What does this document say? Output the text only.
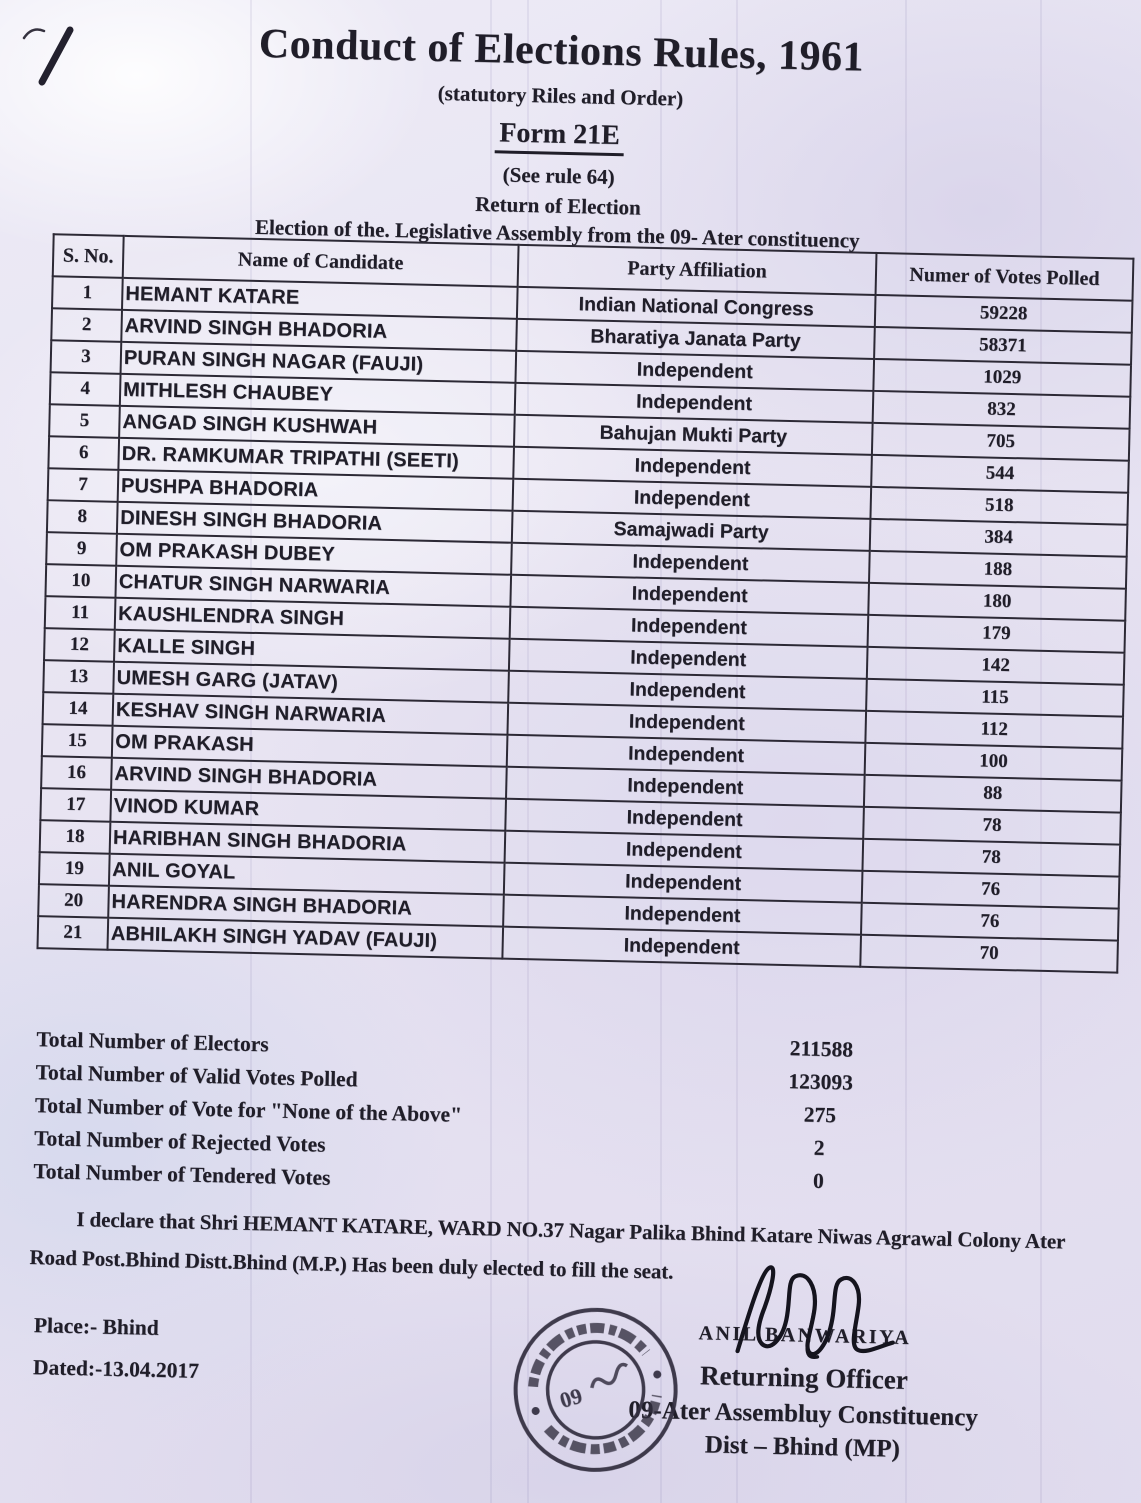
Conduct of Elections Rules, 1961

(statutory Riles and Order)

Form 21E

(See rule 64)

Return of Election

Election of the. Legislative Assembly from the 09- Ater constituency

S. No.	Name of Candidate	Party Affiliation	Numer of Votes Polled
1	HEMANT KATARE	Indian National Congress	59228
2	ARVIND SINGH BHADORIA	Bharatiya Janata Party	58371
3	PURAN SINGH NAGAR (FAUJI)	Independent	1029
4	MITHLESH CHAUBEY	Independent	832
5	ANGAD SINGH KUSHWAH	Bahujan Mukti Party	705
6	DR. RAMKUMAR TRIPATHI (SEETI)	Independent	544
7	PUSHPA BHADORIA	Independent	518
8	DINESH SINGH BHADORIA	Samajwadi Party	384
9	OM PRAKASH DUBEY	Independent	188
10	CHATUR SINGH NARWARIA	Independent	180
11	KAUSHLENDRA SINGH	Independent	179
12	KALLE SINGH	Independent	142
13	UMESH GARG (JATAV)	Independent	115
14	KESHAV SINGH NARWARIA	Independent	112
15	OM PRAKASH	Independent	100
16	ARVIND SINGH BHADORIA	Independent	88
17	VINOD KUMAR	Independent	78
18	HARIBHAN SINGH BHADORIA	Independent	78
19	ANIL GOYAL	Independent	76
20	HARENDRA SINGH BHADORIA	Independent	76
21	ABHILAKH SINGH YADAV (FAUJI)	Independent	70
Total Number of Electors	211588
Total Number of Valid Votes Polled	123093
Total Number of Vote for "None of the Above"	275
Total Number of Rejected Votes	2
Total Number of Tendered Votes	0

I declare that Shri HEMANT KATARE, WARD NO.37 Nagar Palika Bhind Katare Niwas Agrawal Colony Ater Road Post.Bhind Distt.Bhind (M.P.) Has been duly elected to fill the seat.

Place:- Bhind
Dated:-13.04.2017
09

ANIL BANWARIYA

Returning Officer

09-Ater Assembluy Constituency

Dist – Bhind (MP)
